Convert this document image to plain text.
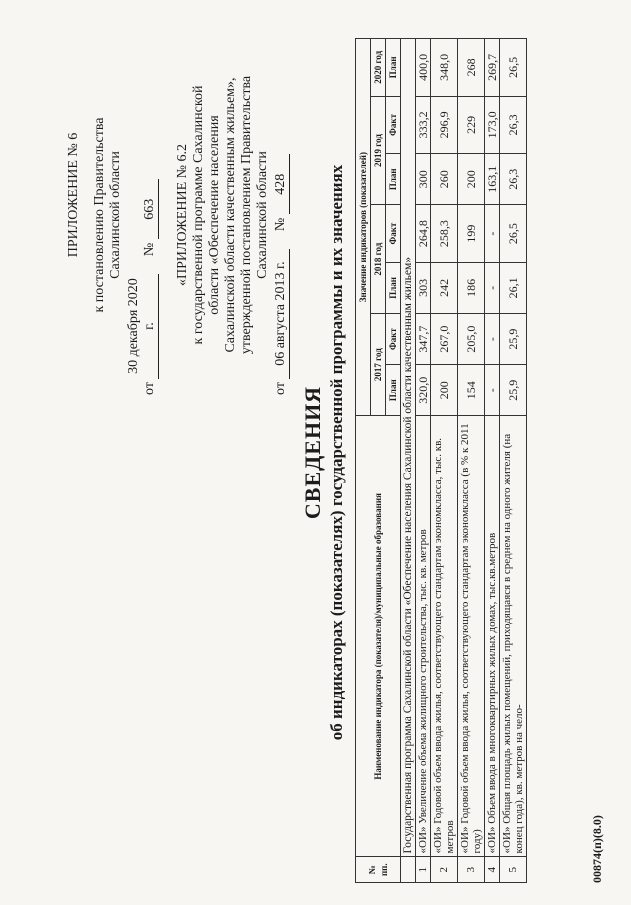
ПРИЛОЖЕНИЕ № 6 к постановлению Правительства Сахалинской области
от 30 декабря 2020 г. № 663 «ПРИЛОЖЕНИЕ № 6.2 к государственной программе Сахалинской области «Обеспечение населения Сахалинской области качественным жильем», утвержденной постановлением Правительства Сахалинской области
от 06 августа 2013 г. № 428
СВЕДЕНИЯ об индикаторах (показателях) государственной программы и их значениях
№ пп.	Наименование индикатора (показателя)/муниципальные образования	Значение индикаторов (показателей)						
		2017 год		2018 год		2019 год		2020 год
		План	Факт	План	Факт	План	Факт	План
	Государственная программа Сахалинской области «Обеспечение населения Сахалинской области качественным жильем»							
1	«ОИ» Увеличение объема жилищного строительства, тыс. кв. метров	320,0	347,7	303	264,8	300	333,2	400,0
2	«ОИ» Годовой объем ввода жилья, соответствующего стандартам экономкласса, тыс. кв. метров	200	267,0	242	258,3	260	296,9	348,0
3	«ОИ» Годовой объем ввода жилья, соответствующего стандартам экономкласса (в % к 2011 году)	154	205,0	186	199	200	229	268
4	«ОИ» Объем ввода в многоквартирных жилых домах, тыс.кв.метров	-	-	-	-	163,1	173,0	269,7
5	«ОИ» Общая площадь жилых помещений, приходящаяся в среднем на одного жителя (на конец года), кв. метров на чело-	25,9	25,9	26,1	26,5	26,3	26,3	26,5
00874(п)(8.0)
